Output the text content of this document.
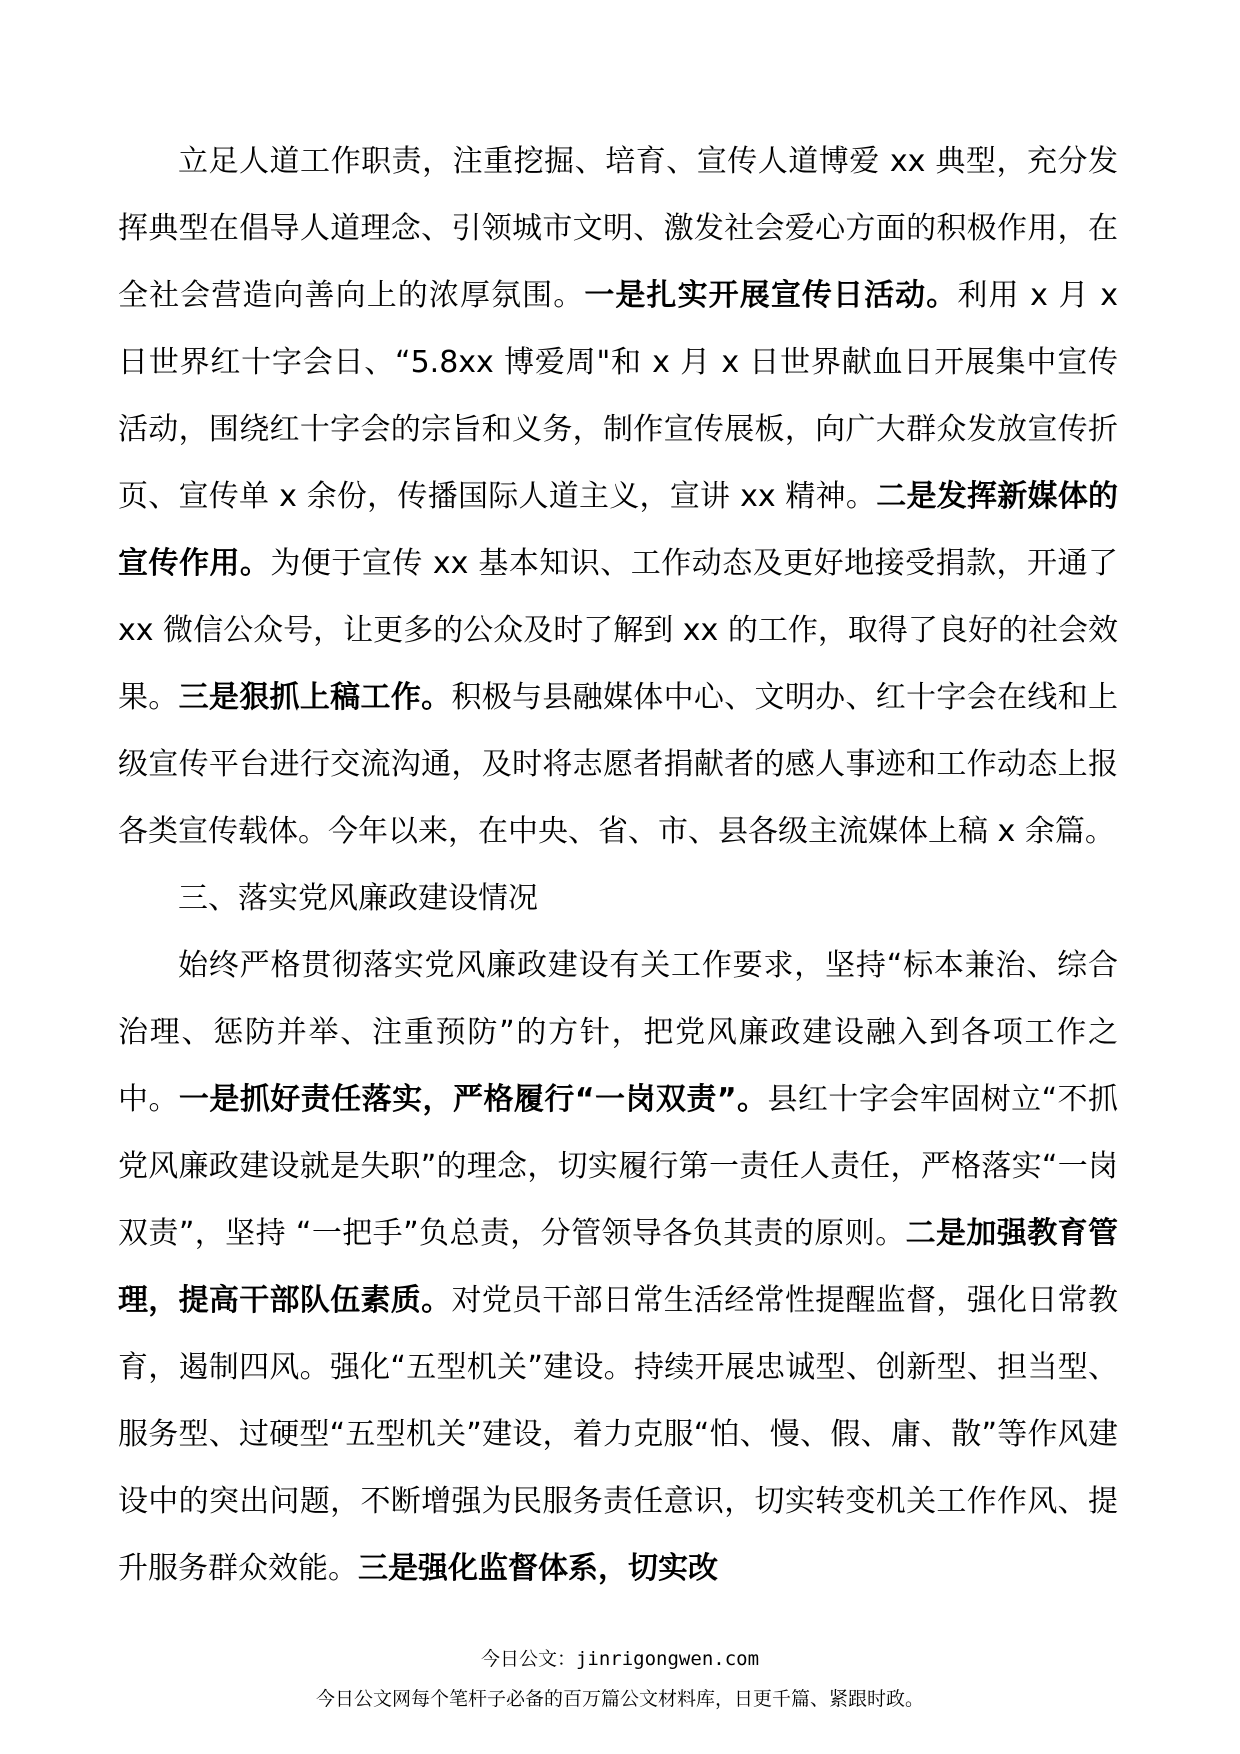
立足人道工作职责，注重挖掘、培育、宣传人道博爱 xx 典型，充分发挥典型在倡导人道理念、引领城市文明、激发社会爱心方面的积极作用，在全社会营造向善向上的浓厚氛围。一是扎实开展宣传日活动。利用 x 月 x 日世界红十字会日、“5.8xx 博爱周"和 x 月 x 日世界献血日开展集中宣传活动，围绕红十字会的宗旨和义务，制作宣传展板，向广大群众发放宣传折页、宣传单 x 余份，传播国际人道主义，宣讲 xx 精神。二是发挥新媒体的宣传作用。为便于宣传 xx 基本知识、工作动态及更好地接受捐款，开通了 xx 微信公众号，让更多的公众及时了解到 xx 的工作，取得了良好的社会效果。三是狠抓上稿工作。积极与县融媒体中心、文明办、红十字会在线和上级宣传平台进行交流沟通，及时将志愿者捐献者的感人事迹和工作动态上报各类宣传载体。今年以来，在中央、省、市、县各级主流媒体上稿 x 余篇。

三、落实党风廉政建设情况

始终严格贯彻落实党风廉政建设有关工作要求，坚持“标本兼治、综合治理、惩防并举、注重预防”的方针，把党风廉政建设融入到各项工作之中。一是抓好责任落实，严格履行“一岗双责”。县红十字会牢固树立“不抓党风廉政建设就是失职”的理念，切实履行第一责任人责任，严格落实“一岗双责”，坚持 “一把手”负总责，分管领导各负其责的原则。二是加强教育管理，提高干部队伍素质。对党员干部日常生活经常性提醒监督，强化日常教育，遏制四风。强化“五型机关”建设。持续开展忠诚型、创新型、担当型、服务型、过硬型“五型机关”建设，着力克服“怕、慢、假、庸、散”等作风建设中的突出问题，不断增强为民服务责任意识，切实转变机关工作作风、提升服务群众效能。三是强化监督体系，切实改

今日公文：jinrigongwen.com
今日公文网每个笔杆子必备的百万篇公文材料库，日更千篇、紧跟时政。
